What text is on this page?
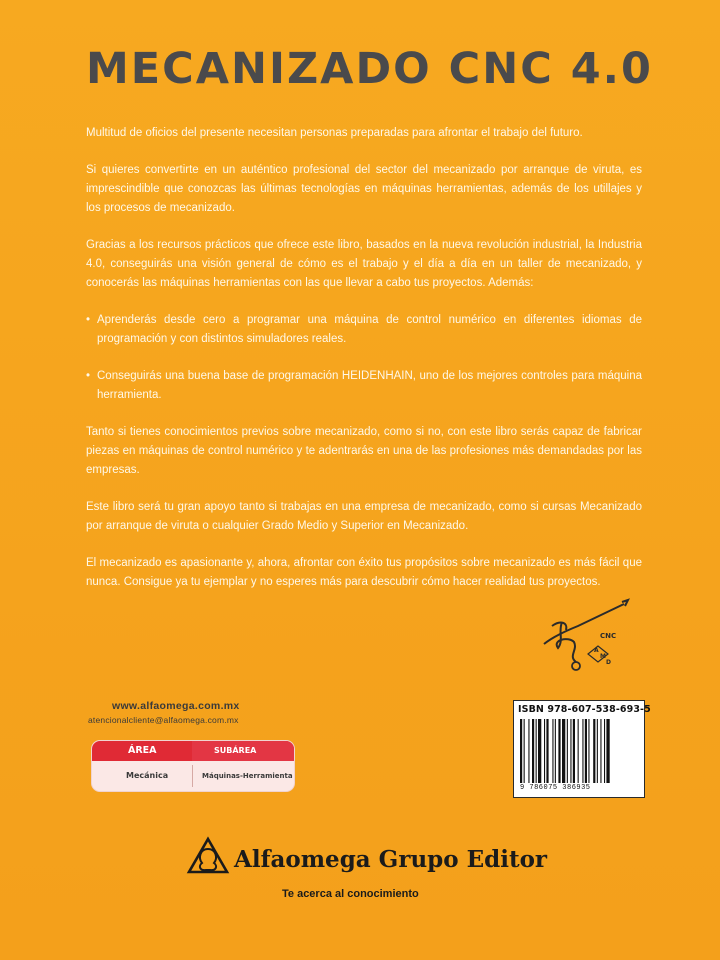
MECANIZADO CNC 4.0

Multitud de oficios del presente necesitan personas preparadas para afrontar el trabajo del futuro.

Si quieres convertirte en un auténtico profesional del sector del mecanizado por arranque de viruta, es imprescindible que conozcas las últimas tecnologías en máquinas herramientas, además de los utillajes y los procesos de mecanizado.

Gracias a los recursos prácticos que ofrece este libro, basados en la nueva revolución industrial, la Industria 4.0, conseguirás una visión general de cómo es el trabajo y el día a día en un taller de mecanizado, y conocerás las máquinas herramientas con las que llevar a cabo tus proyectos. Además:

• Aprenderás desde cero a programar una máquina de control numérico en diferentes idiomas de programación y con distintos simuladores reales.
• Conseguirás una buena base de programación HEIDENHAIN, uno de los mejores controles para máquina herramienta.

Tanto si tienes conocimientos previos sobre mecanizado, como si no, con este libro serás capaz de fabricar piezas en máquinas de control numérico y te adentrarás en una de las profesiones más demandadas por las empresas.

Este libro será tu gran apoyo tanto si trabajas en una empresa de mecanizado, como si cursas Mecanizado por arranque de viruta o cualquier Grado Medio y Superior en Mecanizado.

El mecanizado es apasionante y, ahora, afrontar con éxito tus propósitos sobre mecanizado es más fácil que nunca. Consigue ya tu ejemplar y no esperes más para descubrir cómo hacer realidad tus proyectos.

CNC
A
M
D
www.alfaomega.com.mx
atencionalcliente@alfaomega.com.mx
ÁREA	SUBÁREA
Mecánica	Máquinas-Herramienta
ISBN 978-607-538-693-5
9 786075 386935
Alfaomega Grupo Editor
Te acerca al conocimiento
